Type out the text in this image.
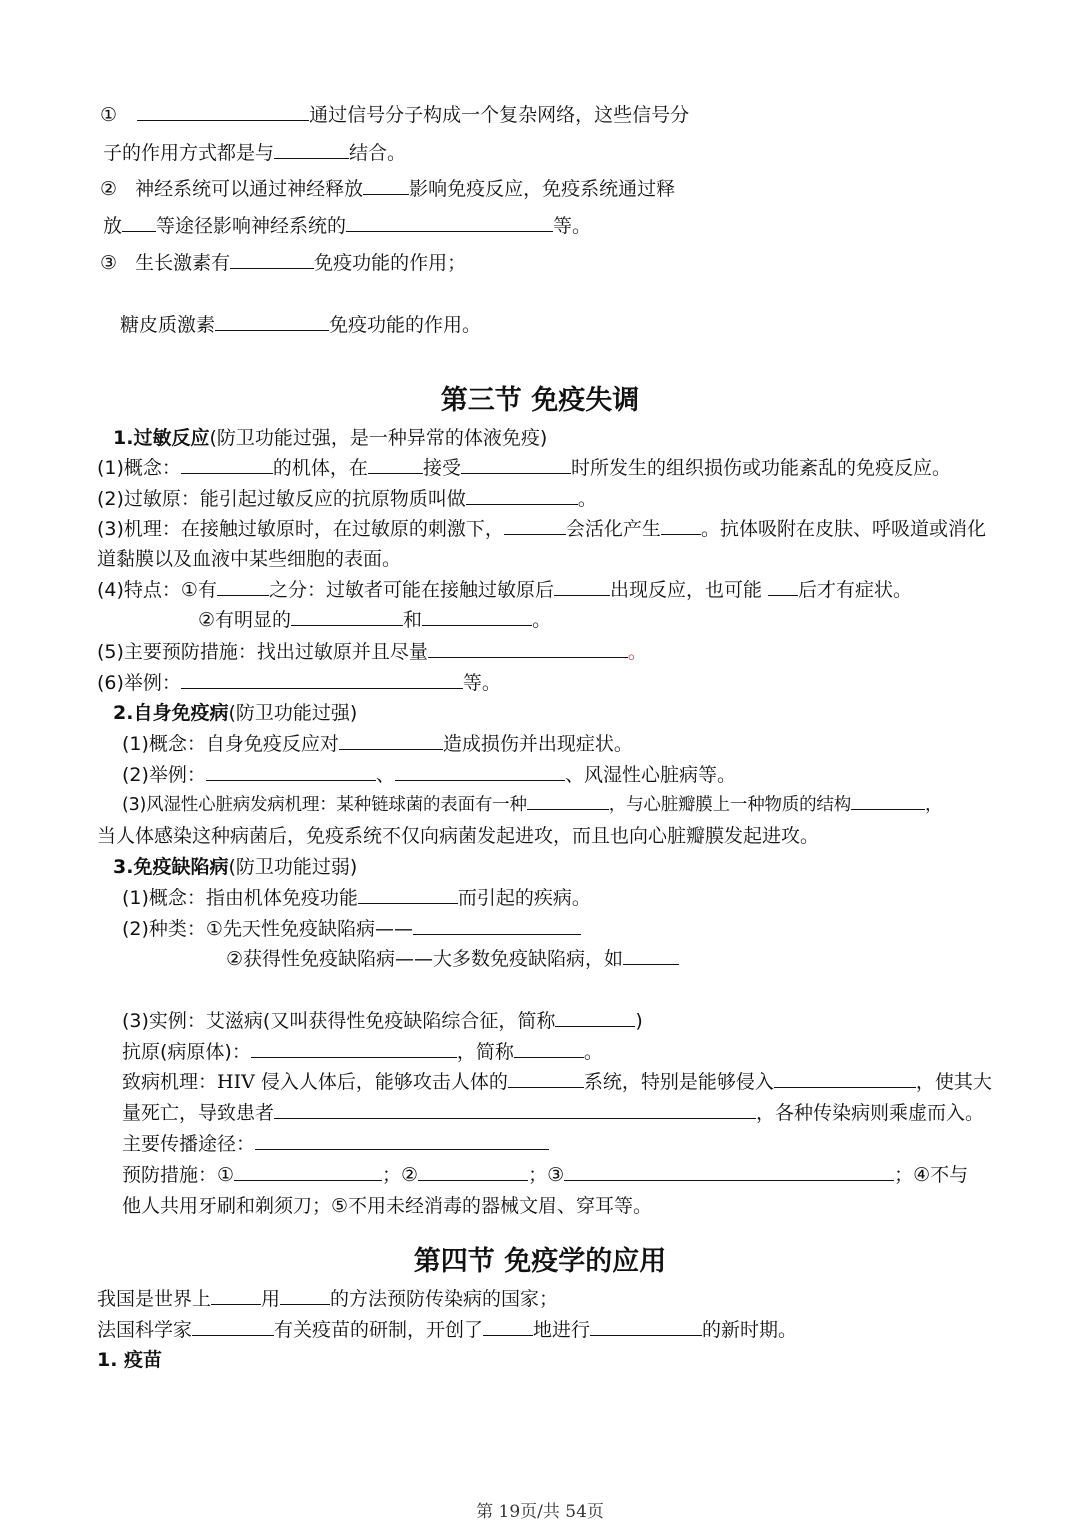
①	通过信号分子构成一个复杂网络，这些信号分
子的作用方式都是与	结合。
② 神经系统可以通过神经释放 影响免疫反应，免疫系统通过释
放 等途径影响神经系统的	等。
③ 生长激素有	免疫功能的作用；
糖皮质激素	免疫功能的作用。
第三节 免疫失调
1.过敏反应(防卫功能过强，是一种异常的体液免疫)
(1)概念：	的机体，在	接受	时所发生的组织损伤或功能紊乱的免疫反应。
(2)过敏原：能引起过敏反应的抗原物质叫做	。
(3)机理：在接触过敏原时，在过敏原的刺激下，	会活化产生 。抗体吸附在皮肤、呼吸道或消化
道黏膜以及血液中某些细胞的表面。
(4)特点：①有	之分：过敏者可能在接触过敏原后	出现反应，也可能 后才有症状。
②有明显的	和	。
(5)主要预防措施：找出过敏原并且尽量	。
(6)举例：	等。
2.自身免疫病(防卫功能过强)
(1)概念：自身免疫反应对	造成损伤并出现症状。
(2)举例：	、	、风湿性心脏病等。
(3)风湿性心脏病发病机理：某种链球菌的表面有一种	，与心脏瓣膜上一种物质的结构	，
当人体感染这种病菌后，免疫系统不仅向病菌发起进攻，而且也向心脏瓣膜发起进攻。
3.免疫缺陷病(防卫功能过弱)
(1)概念：指由机体免疫功能	而引起的疾病。
(2)种类：①先天性免疫缺陷病——
②获得性免疫缺陷病——大多数免疫缺陷病，如
(3)实例：艾滋病(又叫获得性免疫缺陷综合征，简称	)
抗原(病原体)：	，简称	。
致病机理：HIV 侵入人体后，能够攻击人体的	系统，特别是能够侵入	，使其大
量死亡，导致患者	，各种传染病则乘虚而入。
主要传播途径：
预防措施：①	；②	；③	；④不与
他人共用牙刷和剃须刀；⑤不用未经消毒的器械文眉、穿耳等。
第四节 免疫学的应用
我国是世界上	用	的方法预防传染病的国家；
法国科学家	有关疫苗的研制，开创了	地进行	的新时期。
1. 疫苗
第 19页/共 54页
